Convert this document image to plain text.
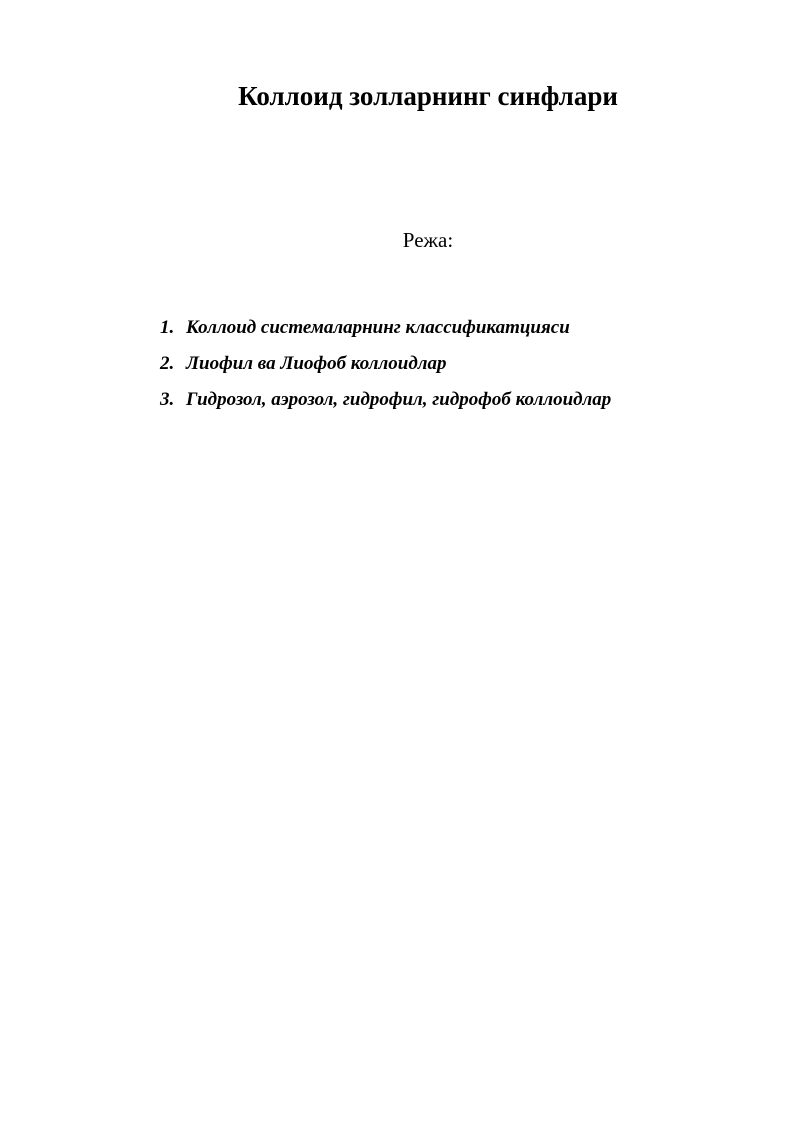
Коллоид золларнинг синфлари

Режа:

1. Коллоид системаларнинг классификатцияси
2. Лиофил ва Лиофоб коллоидлар
3. Гидрозол, аэрозол, гидрофил, гидрофоб коллоидлар
